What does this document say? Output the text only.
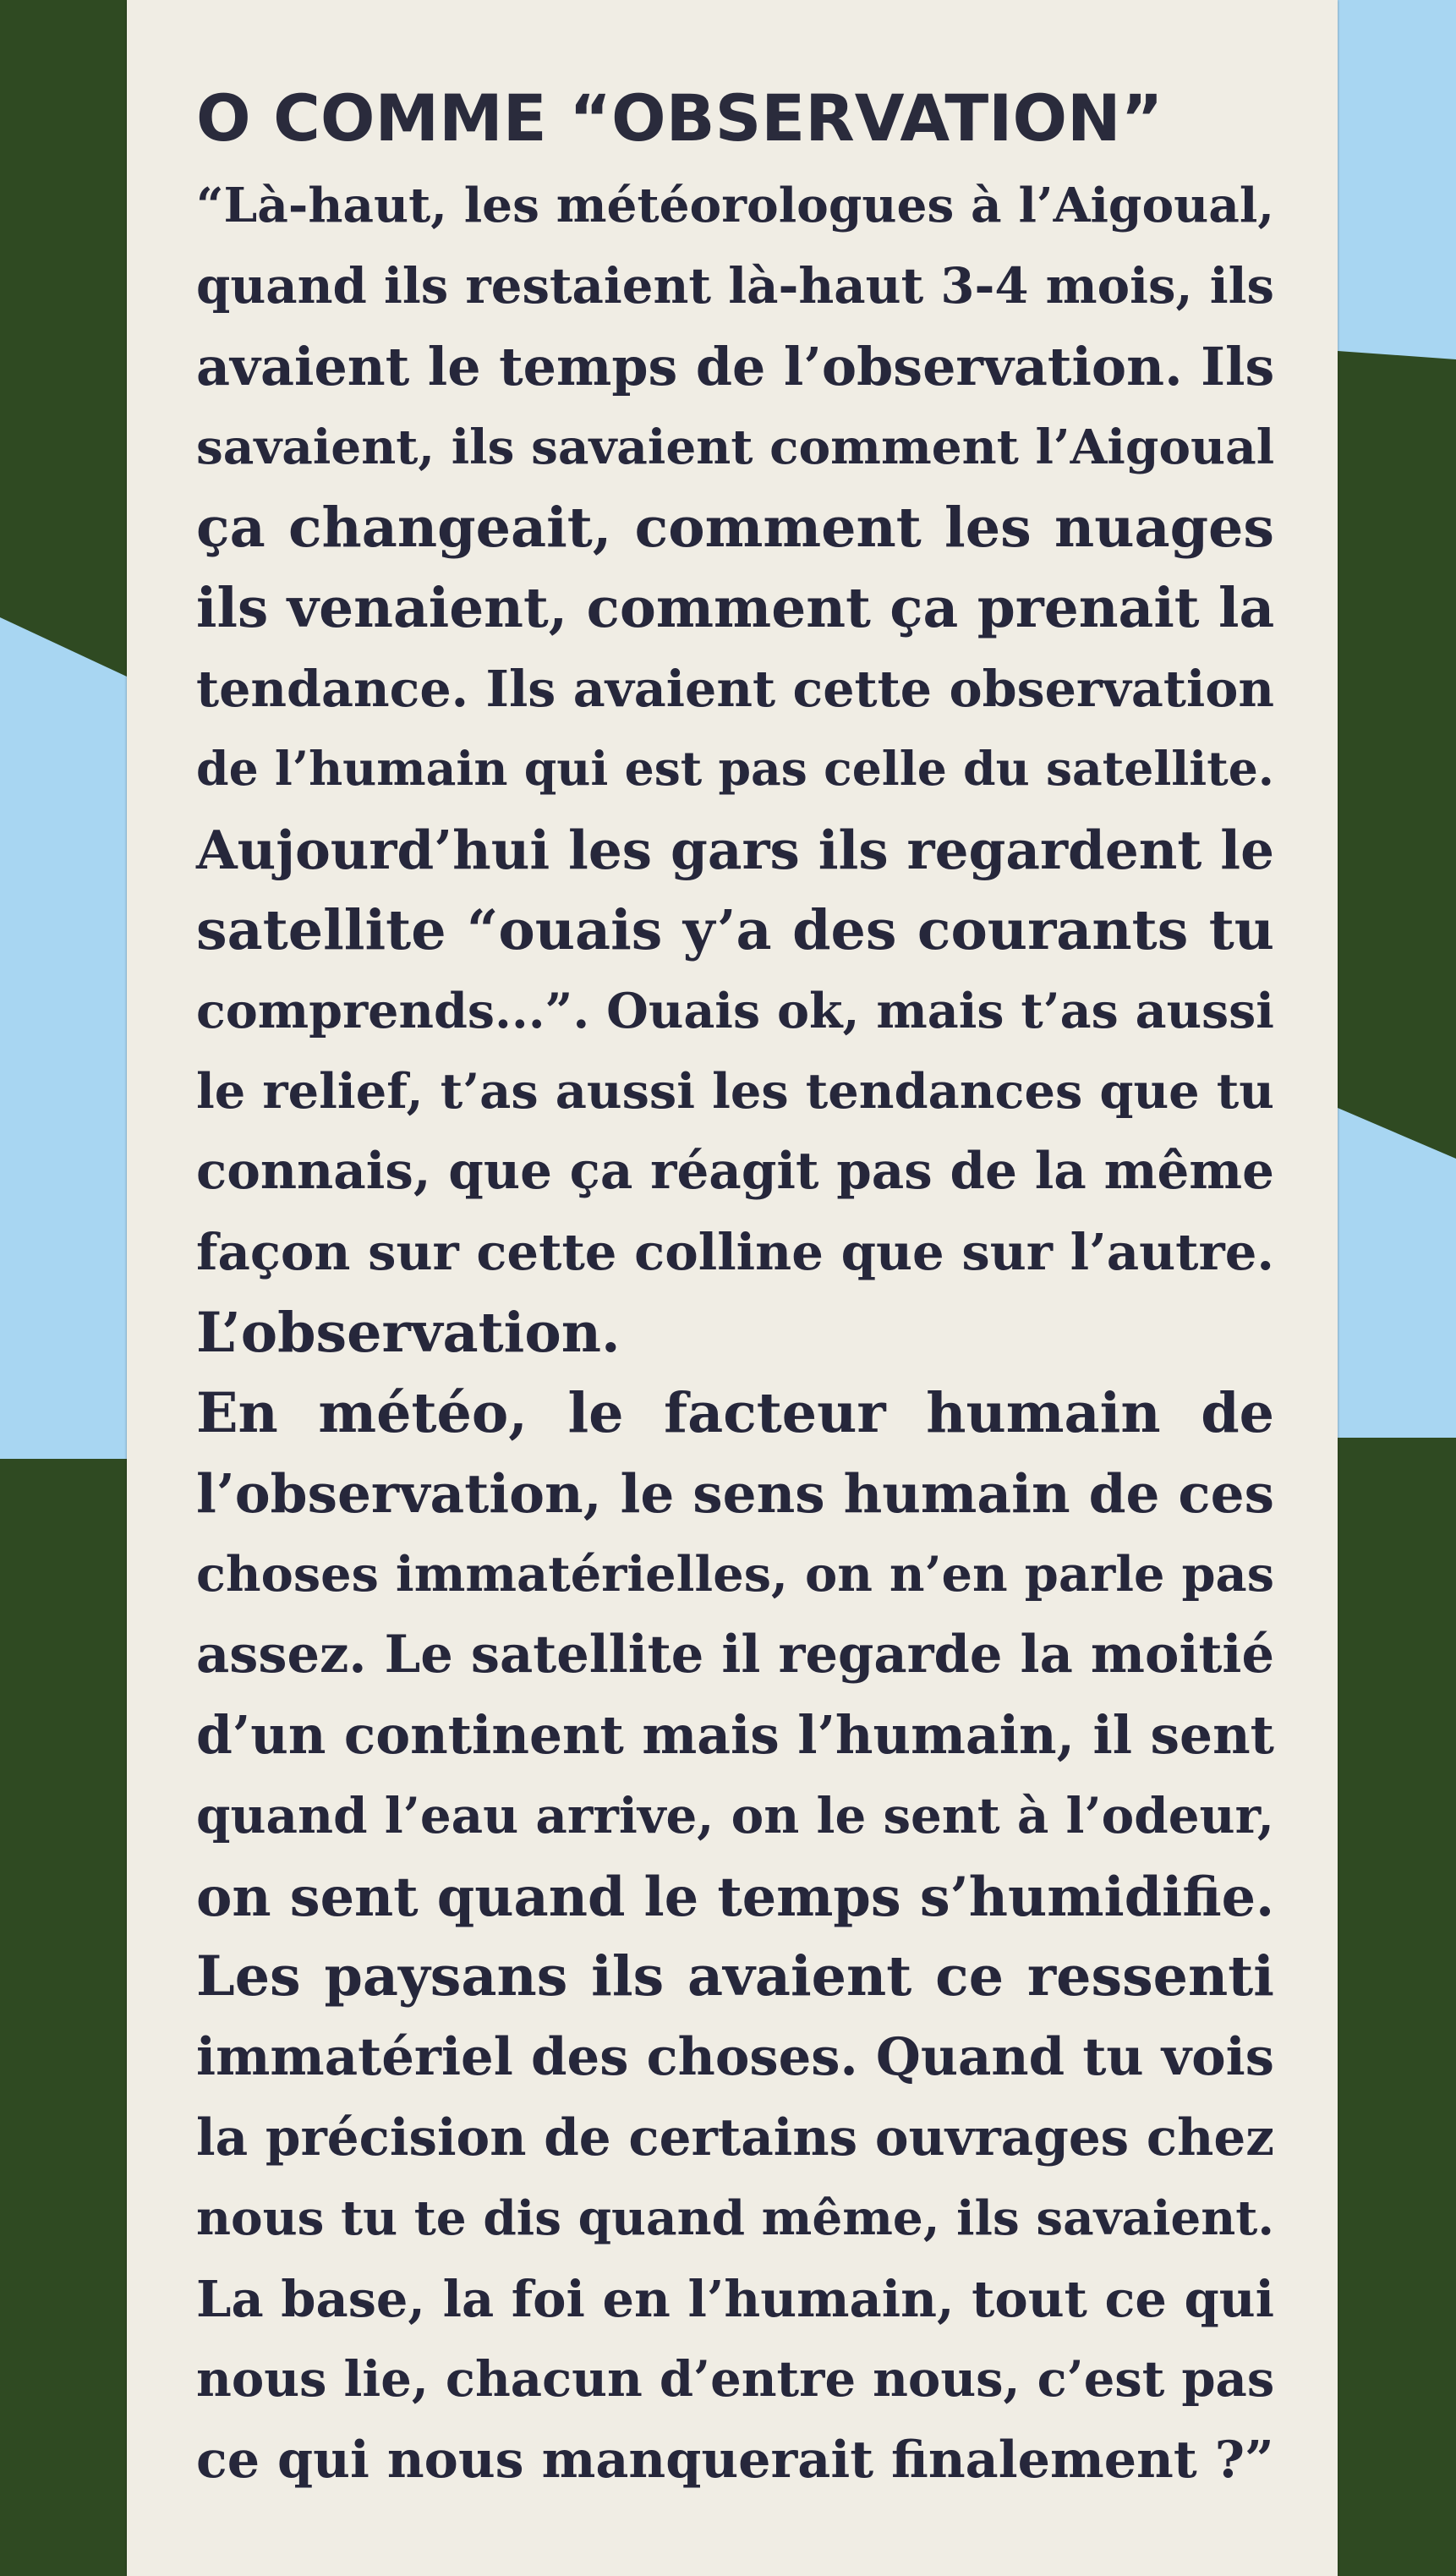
O COMME “OBSERVATION”
“Là-haut, les météorologues à l’Aigoual,
quand ils restaient là-haut 3-4 mois, ils
avaient le temps de l’observation. Ils
savaient, ils savaient comment l’Aigoual
ça changeait, comment les nuages
ils venaient, comment ça prenait la
tendance. Ils avaient cette observation
de l’humain qui est pas celle du satellite.
Aujourd’hui les gars ils regardent le
satellite “ouais y’a des courants tu
comprends...”. Ouais ok, mais t’as aussi
le relief, t’as aussi les tendances que tu
connais, que ça réagit pas de la même
façon sur cette colline que sur l’autre.
L’observation.
En météo, le facteur humain de
l’observation, le sens humain de ces
choses immatérielles, on n’en parle pas
assez. Le satellite il regarde la moitié
d’un continent mais l’humain, il sent
quand l’eau arrive, on le sent à l’odeur,
on sent quand le temps s’humidifie.
Les paysans ils avaient ce ressenti
immatériel des choses. Quand tu vois
la précision de certains ouvrages chez
nous tu te dis quand même, ils savaient.
La base, la foi en l’humain, tout ce qui
nous lie, chacun d’entre nous, c’est pas
ce qui nous manquerait finalement ?”
